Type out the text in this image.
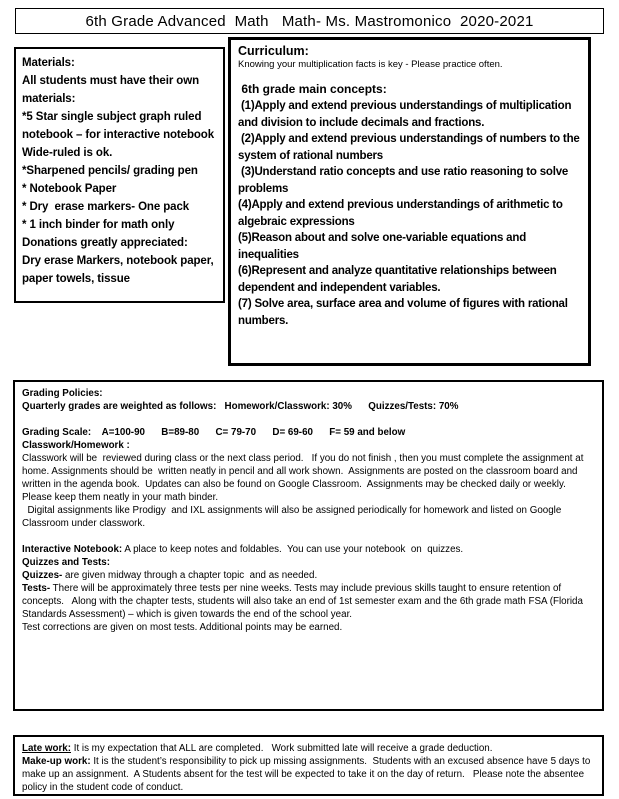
6th Grade Advanced  Math   Math- Ms. Mastromonico  2020-2021
Materials:
All students must have their own materials:
*5 Star single subject graph ruled notebook – for interactive notebook Wide-ruled is ok.
*Sharpened pencils/ grading pen
* Notebook Paper
* Dry  erase markers- One pack
* 1 inch binder for math only
Donations greatly appreciated:
Dry erase Markers, notebook paper, paper towels, tissue
Curriculum:
Knowing your multiplication facts is key - Please practice often.
6th grade main concepts:
(1)Apply and extend previous understandings of multiplication and division to include decimals and fractions.
(2)Apply and extend previous understandings of numbers to the system of rational numbers
(3)Understand ratio concepts and use ratio reasoning to solve problems
(4)Apply and extend previous understandings of arithmetic to algebraic expressions
(5)Reason about and solve one-variable equations and inequalities
(6)Represent and analyze quantitative relationships between dependent and independent variables.
(7) Solve area, surface area and volume of figures with rational numbers.
Grading Policies:
Quarterly grades are weighted as follows:   Homework/Classwork: 30%      Quizzes/Tests: 70%
Grading Scale:    A=100-90      B=89-80      C= 79-70      D= 69-60      F= 59 and below
Classwork/Homework :
Classwork will be  reviewed during class or the next class period.   If you do not finish , then you must complete the assignment at home. Assignments should be  written neatly in pencil and all work shown.  Assignments are posted on the classroom board and written in the agenda book.  Updates can also be found on Google Classroom.  Assignments may be checked daily or weekly.  Please keep them neatly in your math binder.
Digital assignments like Prodigy  and IXL assignments will also be assigned periodically for homework and listed on Google Classroom under classwork.

Interactive Notebook: A place to keep notes and foldables.  You can use your notebook  on  quizzes.

Quizzes and Tests:

Quizzes- are given midway through a chapter topic  and as needed.

Tests- There will be approximately three tests per nine weeks. Tests may include previous skills taught to ensure retention of concepts.   Along with the chapter tests, students will also take an end of 1st semester exam and the 6th grade math FSA (Florida Standards Assessment) – which is given towards the end of the school year.

Test corrections are given on most tests. Additional points may be earned.

Late work: It is my expectation that ALL are completed.   Work submitted late will receive a grade deduction.

Make-up work: It is the student’s responsibility to pick up missing assignments.  Students with an excused absence have 5 days to make up an assignment.  A Students absent for the test will be expected to take it on the day of return.   Please note the absentee policy in the student code of conduct.
